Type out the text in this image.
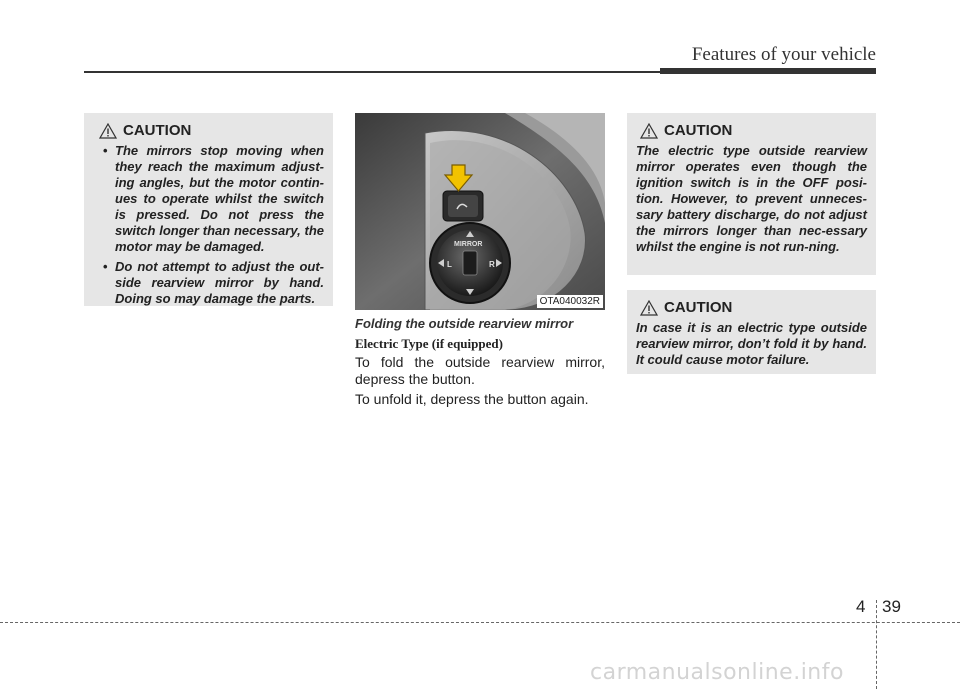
Features of your vehicle
CAUTION
• The mirrors stop moving when they reach the maximum adjust-ing angles, but the motor contin-ues to operate whilst the switch is pressed. Do not press the switch longer than necessary, the motor may be damaged.
• Do not attempt to adjust the out-side rearview mirror by hand. Doing so may damage the parts.
MIRROR
L	R
OTA040032R
Folding the outside rearview mirror
Electric Type (if equipped)

To fold the outside rearview mirror, depress the button.

To unfold it, depress the button again.

CAUTION
The electric type outside rearview mirror operates even though the ignition switch is in the OFF posi-tion. However, to prevent unneces-sary battery discharge, do not adjust the mirrors longer than nec-essary whilst the engine is not run-ning.
CAUTION
In case it is an electric type outside rearview mirror, don’t fold it by hand. It could cause motor failure.
4 39
carmanualsonline.info
